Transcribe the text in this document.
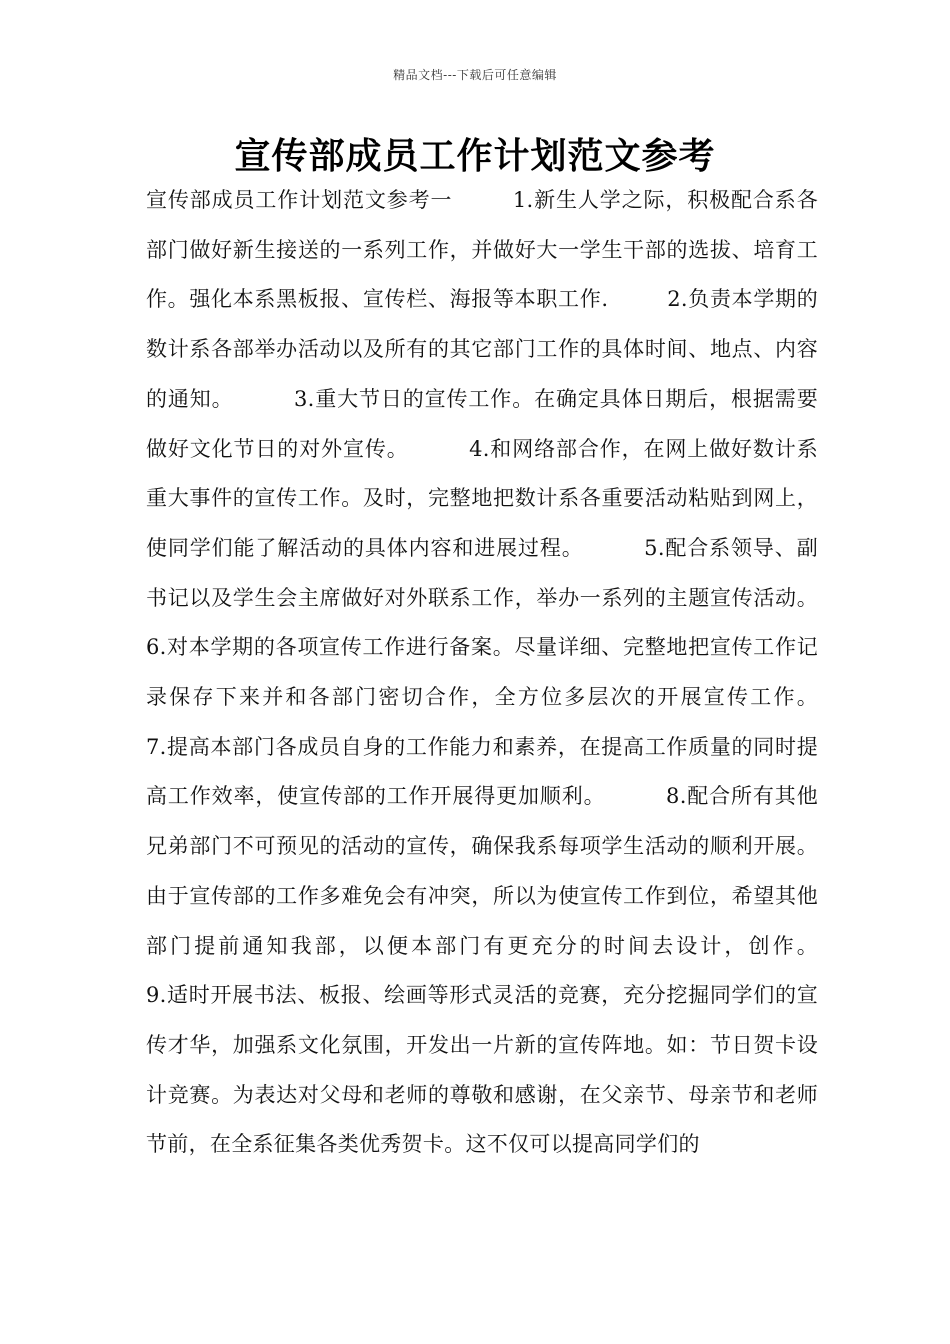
精品文档---下载后可任意编辑
宣传部成员工作计划范文参考

宣传部成员工作计划范文参考一        1.新生人学之际，积极配合系各部门做好新生接送的一系列工作，并做好大一学生干部的选拔、培育工作。强化本系黑板报、宣传栏、海报等本职工作.        2.负责本学期的数计系各部举办活动以及所有的其它部门工作的具体时间、地点、内容的通知。        3.重大节日的宣传工作。在确定具体日期后，根据需要做好文化节日的对外宣传。        4.和网络部合作，在网上做好数计系重大事件的宣传工作。及时，完整地把数计系各重要活动粘贴到网上，使同学们能了解活动的具体内容和进展过程。        5.配合系领导、副书记以及学生会主席做好对外联系工作，举办一系列的主题宣传活动。        6.对本学期的各项宣传工作进行备案。尽量详细、完整地把宣传工作记录保存下来并和各部门密切合作，全方位多层次的开展宣传工作。        7.提高本部门各成员自身的工作能力和素养，在提高工作质量的同时提高工作效率，使宣传部的工作开展得更加顺利。        8.配合所有其他兄弟部门不可预见的活动的宣传，确保我系每项学生活动的顺利开展。由于宣传部的工作多难免会有冲突，所以为使宣传工作到位，希望其他部门提前通知我部，以便本部门有更充分的时间去设计，创作。        9.适时开展书法、板报、绘画等形式灵活的竞赛，充分挖掘同学们的宣传才华，加强系文化氛围，开发出一片新的宣传阵地。如：节日贺卡设计竞赛。为表达对父母和老师的尊敬和感谢，在父亲节、母亲节和老师节前，在全系征集各类优秀贺卡。这不仅可以提高同学们的
